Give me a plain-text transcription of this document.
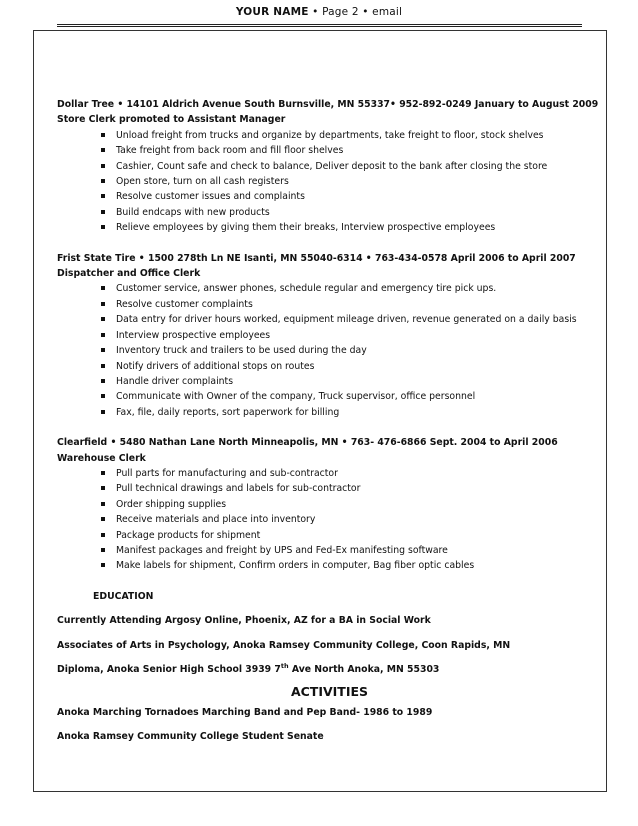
YOUR NAME • Page 2 • email
Dollar Tree • 14101 Aldrich Avenue South Burnsville, MN 55337• 952-892-0249 January to August 2009
Store Clerk promoted to Assistant Manager
Unload freight from trucks and organize by departments, take freight to floor, stock shelves
Take freight from back room and fill floor shelves
Cashier, Count safe and check to balance, Deliver deposit to the bank after closing the store
Open store, turn on all cash registers
Resolve customer issues and complaints
Build endcaps with new products
Relieve employees by giving them their breaks, Interview prospective employees
Frist State Tire • 1500 278th Ln NE Isanti, MN 55040-6314 • 763-434-0578 April 2006 to April 2007
Dispatcher and Office Clerk
Customer service, answer phones, schedule regular and emergency tire pick ups.
Resolve customer complaints
Data entry for driver hours worked, equipment mileage driven, revenue generated on a daily basis
Interview prospective employees
Inventory truck and trailers to be used during the day
Notify drivers of additional stops on routes
Handle driver complaints
Communicate with Owner of the company, Truck supervisor, office personnel
Fax, file, daily reports, sort paperwork for billing
Clearfield • 5480 Nathan Lane North Minneapolis, MN • 763- 476-6866 Sept. 2004 to April 2006
Warehouse Clerk
Pull parts for manufacturing and sub-contractor
Pull technical drawings and labels for sub-contractor
Order shipping supplies
Receive materials and place into inventory
Package products for shipment
Manifest packages and freight by UPS and Fed-Ex manifesting software
Make labels for shipment, Confirm orders in computer, Bag fiber optic cables
EDUCATION
Currently Attending Argosy Online, Phoenix, AZ for a BA in Social Work
Associates of Arts in Psychology, Anoka Ramsey Community College, Coon Rapids, MN
Diploma, Anoka Senior High School 3939 7th Ave North Anoka, MN 55303
ACTIVITIES
Anoka Marching Tornadoes Marching Band and Pep Band- 1986 to 1989
Anoka Ramsey Community College Student Senate
